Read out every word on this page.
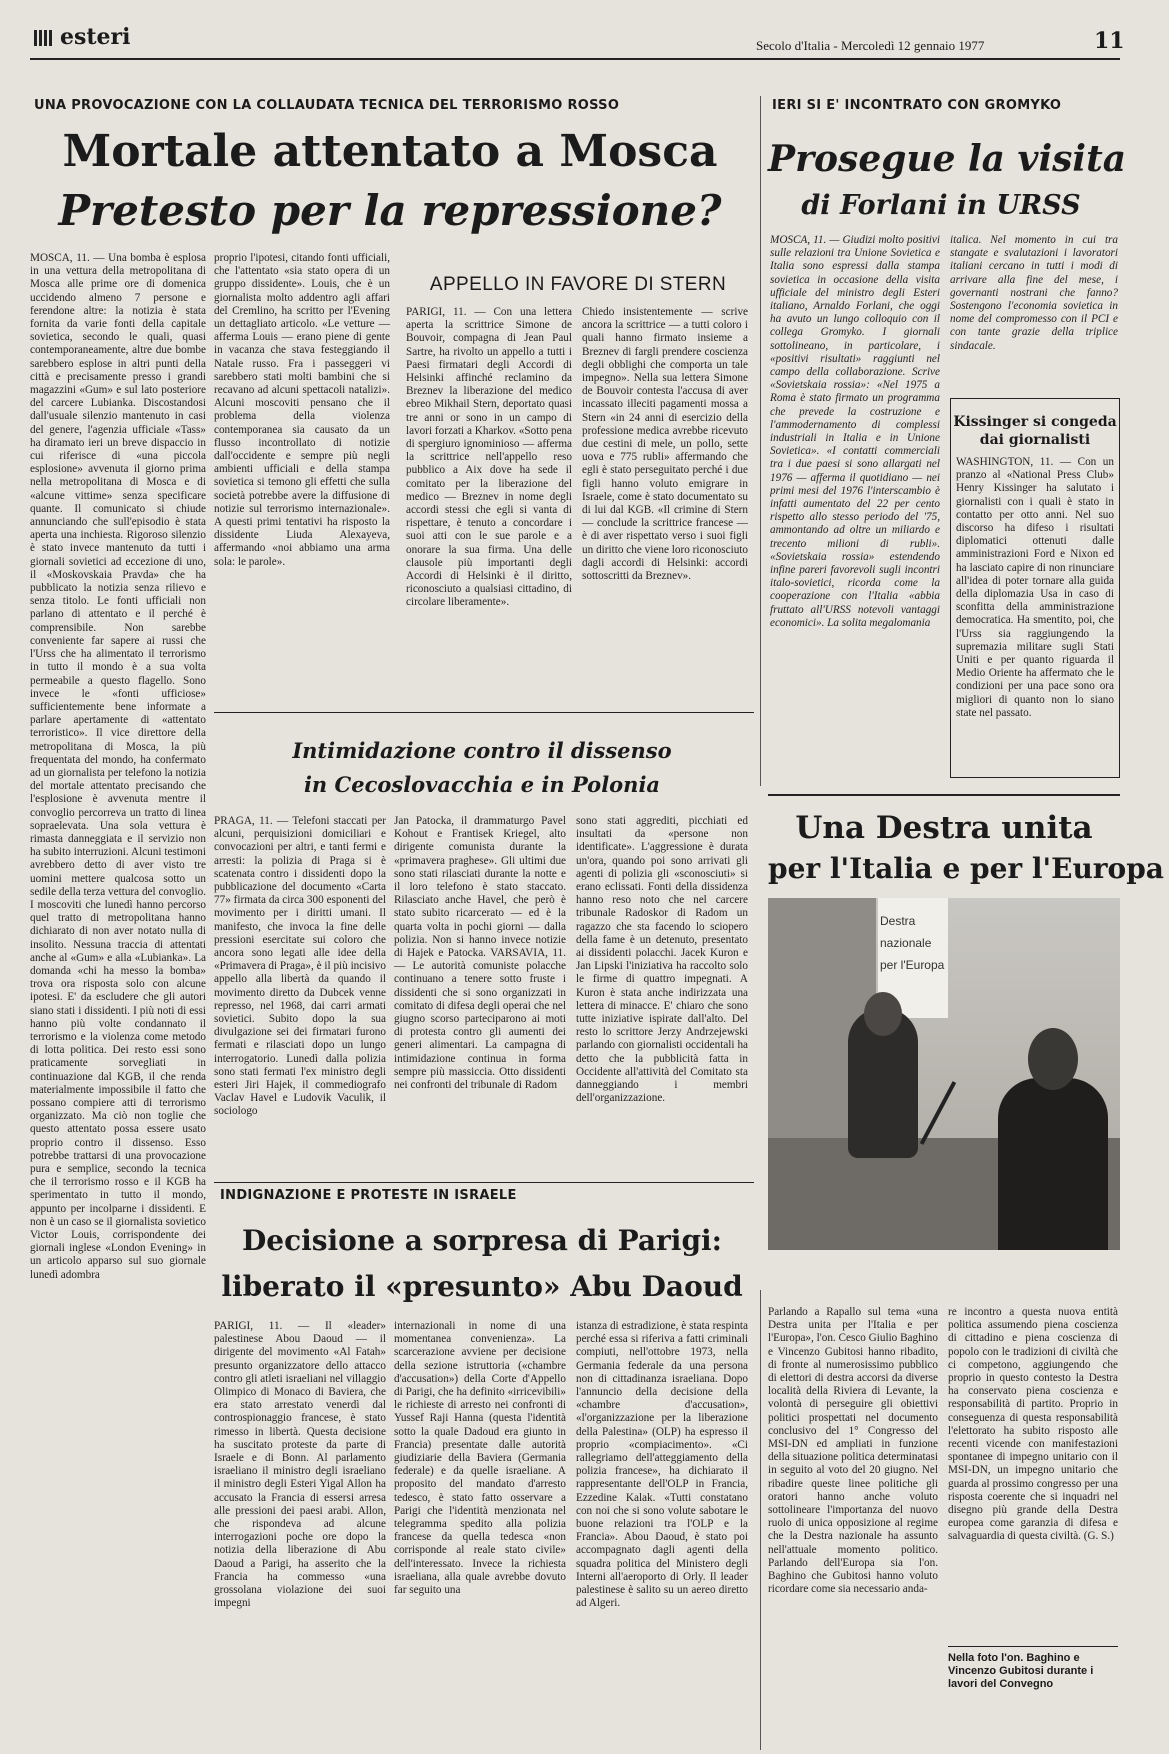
esteri	Secolo d'Italia - Mercoledì 12 gennaio 1977	11
UNA PROVOCAZIONE CON LA COLLAUDATA TECNICA DEL TERRORISMO ROSSO
Mortale attentato a Mosca
Pretesto per la repressione?
MOSCA, 11. — Una bomba è esplosa in una vettura della metropolitana di Mosca alle prime ore di domenica uccidendo almeno 7 persone e ferendone altre: la notizia è stata fornita da varie fonti della capitale sovietica, secondo le quali, quasi contemporaneamente, altre due bombe sarebbero esplose in altri punti della città e precisamente presso i grandi magazzini «Gum» e sul lato posteriore del carcere Lubianka. Discostandosi dall'usuale silenzio mantenuto in casi del genere, l'agenzia ufficiale «Tass» ha diramato ieri un breve dispaccio in cui riferisce di «una piccola esplosione» avvenuta il giorno prima nella metropolitana di Mosca e di «alcune vittime» senza specificare quante. Il comunicato si chiude annunciando che sull'episodio è stata aperta una inchiesta. Rigoroso silenzio è stato invece mantenuto da tutti i giornali sovietici ad eccezione di uno, il «Moskovskaia Pravda» che ha pubblicato la notizia senza rilievo e senza titolo. Le fonti ufficiali non parlano di attentato e il perché è comprensibile. Non sarebbe conveniente far sapere ai russi che l'Urss che ha alimentato il terrorismo in tutto il mondo è a sua volta permeabile a questo flagello. Sono invece le «fonti ufficiose» sufficientemente bene informate a parlare apertamente di «attentato terroristico». Il vice direttore della metropolitana di Mosca, la più frequentata del mondo, ha confermato ad un giornalista per telefono la notizia del mortale attentato precisando che l'esplosione è avvenuta mentre il convoglio percorreva un tratto di linea sopraelevata. Una sola vettura è rimasta danneggiata e il servizio non ha subito interruzioni. Alcuni testimoni avrebbero detto di aver visto tre uomini mettere qualcosa sotto un sedile della terza vettura del convoglio. I moscoviti che lunedì hanno percorso quel tratto di metropolitana hanno dichiarato di non aver notato nulla di insolito. Nessuna traccia di attentati anche al «Gum» e alla «Lubianka». La domanda «chi ha messo la bomba» trova ora risposta solo con alcune ipotesi. E' da escludere che gli autori siano stati i dissidenti. I più noti di essi hanno più volte condannato il terrorismo e la violenza come metodo di lotta politica. Dei resto essi sono praticamente sorvegliati in continuazione dal KGB, il che renda materialmente impossibile il fatto che possano compiere atti di terrorismo organizzato. Ma ciò non toglie che questo attentato possa essere usato proprio contro il dissenso. Esso potrebbe trattarsi di una provocazione pura e semplice, secondo la tecnica che il terrorismo rosso e il KGB ha sperimentato in tutto il mondo, appunto per incolparne i dissidenti. E non è un caso se il giornalista sovietico Victor Louis, corrispondente dei giornali inglese «London Evening» in un articolo apparso sul suo giornale lunedì adombra
proprio l'ipotesi, citando fonti ufficiali, che l'attentato «sia stato opera di un gruppo dissidente». Louis, che è un giornalista molto addentro agli affari del Cremlino, ha scritto per l'Evening un dettagliato articolo. «Le vetture — afferma Louis — erano piene di gente in vacanza che stava festeggiando il Natale russo. Fra i passeggeri vi sarebbero stati molti bambini che si recavano ad alcuni spettacoli natalizi». Alcuni moscoviti pensano che il problema della violenza contemporanea sia causato da un flusso incontrollato di notizie dall'occidente e sempre più negli ambienti ufficiali e della stampa sovietica si temono gli effetti che sulla società potrebbe avere la diffusione di notizie sul terrorismo internazionale». A questi primi tentativi ha risposto la dissidente Liuda Alexayeva, affermando «noi abbiamo una arma sola: le parole».
APPELLO IN FAVORE DI STERN
PARIGI, 11. — Con una lettera aperta la scrittrice Simone de Bouvoir, compagna di Jean Paul Sartre, ha rivolto un appello a tutti i Paesi firmatari degli Accordi di Helsinki affinché reclamino da Breznev la liberazione del medico ebreo Mikhail Stern, deportato quasi tre anni or sono in un campo di lavori forzati a Kharkov. «Sotto pena di spergiuro ignominioso — afferma la scrittrice nell'appello reso pubblico a Aix dove ha sede il comitato per la liberazione del medico — Breznev in nome degli accordi stessi che egli si vanta di rispettare, è tenuto a concordare i suoi atti con le sue parole e a onorare la sua firma. Una delle clausole più importanti degli Accordi di Helsinki è il diritto, riconosciuto a qualsiasi cittadino, di circolare liberamente».
Chiedo insistentemente — scrive ancora la scrittrice — a tutti coloro i quali hanno firmato insieme a Breznev di fargli prendere coscienza degli obblighi che comporta un tale impegno». Nella sua lettera Simone de Bouvoir contesta l'accusa di aver incassato illeciti pagamenti mossa a Stern «in 24 anni di esercizio della professione medica avrebbe ricevuto due cestini di mele, un pollo, sette uova e 775 rubli» affermando che egli è stato perseguitato perché i due figli hanno voluto emigrare in Israele, come è stato documentato su di lui dal KGB. «Il crimine di Stern — conclude la scrittrice francese — è di aver rispettato verso i suoi figli un diritto che viene loro riconosciuto dagli accordi di Helsinki: accordi sottoscritti da Breznev».
Intimidazione contro il dissenso
in Cecoslovacchia e in Polonia
PRAGA, 11. — Telefoni staccati per alcuni, perquisizioni domiciliari e convocazioni per altri, e tanti fermi e arresti: la polizia di Praga si è scatenata contro i dissidenti dopo la pubblicazione del documento «Carta 77» firmata da circa 300 esponenti del movimento per i diritti umani. Il manifesto, che invoca la fine delle pressioni esercitate sui coloro che ancora sono legati alle idee della «Primavera di Praga», è il più incisivo appello alla libertà da quando il movimento diretto da Dubcek venne represso, nel 1968, dai carri armati sovietici. Subito dopo la sua divulgazione sei dei firmatari furono fermati e rilasciati dopo un lungo interrogatorio. Lunedì dalla polizia sono stati fermati l'ex ministro degli esteri Jiri Hajek, il commediografo Vaclav Havel e Ludovik Vaculik, il sociologo
Jan Patocka, il drammaturgo Pavel Kohout e Frantisek Kriegel, alto dirigente comunista durante la «primavera praghese». Gli ultimi due sono stati rilasciati durante la notte e il loro telefono è stato staccato. Rilasciato anche Havel, che però è stato subito ricarcerato — ed è la quarta volta in pochi giorni — dalla polizia. Non si hanno invece notizie di Hajek e Patocka. VARSAVIA, 11. — Le autorità comuniste polacche continuano a tenere sotto fruste i dissidenti che si sono organizzati in comitato di difesa degli operai che nel giugno scorso parteciparono ai moti di protesta contro gli aumenti dei generi alimentari. La campagna di intimidazione continua in forma sempre più massiccia. Otto dissidenti nei confronti del tribunale di Radom
sono stati aggrediti, picchiati ed insultati da «persone non identificate». L'aggressione è durata un'ora, quando poi sono arrivati gli agenti di polizia gli «sconosciuti» si erano eclissati. Fonti della dissidenza hanno reso noto che nel carcere tribunale Radoskor di Radom un ragazzo che sta facendo lo sciopero della fame è un detenuto, presentato ai dissidenti polacchi. Jacek Kuron e Jan Lipski l'iniziativa ha raccolto solo le firme di quattro impegnati. A Kuron è stata anche indirizzata una lettera di minacce. E' chiaro che sono tutte iniziative ispirate dall'alto. Del resto lo scrittore Jerzy Andrzejewski parlando con giornalisti occidentali ha detto che la pubblicità fatta in Occidente all'attività del Comitato sta danneggiando i membri dell'organizzazione.
INDIGNAZIONE E PROTESTE IN ISRAELE
Decisione a sorpresa di Parigi:
liberato il «presunto» Abu Daoud
PARIGI, 11. — Il «leader» palestinese Abou Daoud — il dirigente del movimento «Al Fatah» presunto organizzatore dello attacco contro gli atleti israeliani nel villaggio Olimpico di Monaco di Baviera, che era stato arrestato venerdì dal controspionaggio francese, è stato rimesso in libertà. Questa decisione ha suscitato proteste da parte di Israele e di Bonn. Al parlamento israeliano il ministro degli israeliano il ministro degli Esteri Yigal Allon ha accusato la Francia di essersi arresa alle pressioni dei paesi arabi. Allon, che rispondeva ad alcune interrogazioni poche ore dopo la notizia della liberazione di Abu Daoud a Parigi, ha asserito che la Francia ha commesso «una grossolana violazione dei suoi impegni
internazionali in nome di una momentanea convenienza». La scarcerazione avviene per decisione della sezione istruttoria («chambre d'accusation») della Corte d'Appello di Parigi, che ha definito «irricevibili» le richieste di arresto nei confronti di Yussef Raji Hanna (questa l'identità sotto la quale Dadoud era giunto in Francia) presentate dalle autorità giudiziarie della Baviera (Germania federale) e da quelle israeliane. A proposito del mandato d'arresto tedesco, è stato fatto osservare a Parigi che l'identità menzionata nel telegramma spedito alla polizia francese da quella tedesca «non corrisponde al reale stato civile» dell'interessato. Invece la richiesta israeliana, alla quale avrebbe dovuto far seguito una
istanza di estradizione, è stata respinta perché essa si riferiva a fatti criminali compiuti, nell'ottobre 1973, nella Germania federale da una persona non di cittadinanza israeliana. Dopo l'annuncio della decisione della «chambre d'accusation», «l'organizzazione per la liberazione della Palestina» (OLP) ha espresso il proprio «compiacimento». «Ci rallegriamo dell'atteggiamento della polizia francese», ha dichiarato il rappresentante dell'OLP in Francia, Ezzedine Kalak. «Tutti constatano con noi che si sono volute sabotare le buone relazioni tra l'OLP e la Francia». Abou Daoud, è stato poi accompagnato dagli agenti della squadra politica del Ministero degli Interni all'aeroporto di Orly. Il leader palestinese è salito su un aereo diretto ad Algeri.
IERI SI E' INCONTRATO CON GROMYKO
Prosegue la visita
di Forlani in URSS
MOSCA, 11. — Giudizi molto positivi sulle relazioni tra Unione Sovietica e Italia sono espressi dalla stampa sovietica in occasione della visita ufficiale del ministro degli Esteri italiano, Arnaldo Forlani, che oggi ha avuto un lungo colloquio con il collega Gromyko. I giornali sottolineano, in particolare, i «positivi risultati» raggiunti nel campo della collaborazione. Scrive «Sovietskaia rossia»: «Nel 1975 a Roma è stato firmato un programma che prevede la costruzione e l'ammodernamento di complessi industriali in Italia e in Unione Sovietica». «I contatti commerciali tra i due paesi si sono allargati nel 1976 — afferma il quotidiano — nei primi mesi del 1976 l'interscambio è infatti aumentato del 22 per cento rispetto allo stesso periodo del '75, ammontando ad oltre un miliardo e trecento milioni di rubli». «Sovietskaia rossia» estendendo infine pareri favorevoli sugli incontri italo-sovietici, ricorda come la cooperazione con l'Italia «abbia fruttato all'URSS notevoli vantaggi economici». La solita megalomania
italica. Nel momento in cui tra stangate e svalutazioni i lavoratori italiani cercano in tutti i modi di arrivare alla fine del mese, i governanti nostrani che fanno? Sostengono l'economia sovietica in nome del compromesso con il PCI e con tante grazie della triplice sindacale.
Kissinger si congeda
dai giornalisti
WASHINGTON, 11. — Con un pranzo al «National Press Club» Henry Kissinger ha salutato i giornalisti con i quali è stato in contatto per otto anni. Nel suo discorso ha difeso i risultati diplomatici ottenuti dalle amministrazioni Ford e Nixon ed ha lasciato capire di non rinunciare all'idea di poter tornare alla guida della diplomazia Usa in caso di sconfitta della amministrazione democratica. Ha smentito, poi, che l'Urss sia raggiungendo la supremazia militare sugli Stati Uniti e per quanto riguarda il Medio Oriente ha affermato che le condizioni per una pace sono ora migliori di quanto non lo siano state nel passato.
Una Destra unita
per l'Italia e per l'Europa
Destra nazionale per l'Europa
Parlando a Rapallo sul tema «una Destra unita per l'Italia e per l'Europa», l'on. Cesco Giulio Baghino e Vincenzo Gubitosi hanno ribadito, di fronte al numerosissimo pubblico di elettori di destra accorsi da diverse località della Riviera di Levante, la volontà di perseguire gli obiettivi politici prospettati nel documento conclusivo del 1° Congresso del MSI-DN ed ampliati in funzione della situazione politica determinatasi in seguito al voto del 20 giugno. Nel ribadire queste linee politiche gli oratori hanno anche voluto sottolineare l'importanza del nuovo ruolo di unica opposizione al regime che la Destra nazionale ha assunto nell'attuale momento politico. Parlando dell'Europa sia l'on. Baghino che Gubitosi hanno voluto ricordare come sia necessario anda-
re incontro a questa nuova entità politica assumendo piena coscienza di cittadino e piena coscienza di popolo con le tradizioni di civiltà che ci competono, aggiungendo che proprio in questo contesto la Destra ha conservato piena coscienza e responsabilità di partito. Proprio in conseguenza di questa responsabilità l'elettorato ha subito risposto alle recenti vicende con manifestazioni spontanee di impegno unitario con il MSI-DN, un impegno unitario che guarda al prossimo congresso per una risposta coerente che si inquadri nel disegno più grande della Destra europea come garanzia di difesa e salvaguardia di questa civiltà. (G. S.)
Nella foto l'on. Baghino e Vincenzo Gubitosi durante i lavori del Convegno
